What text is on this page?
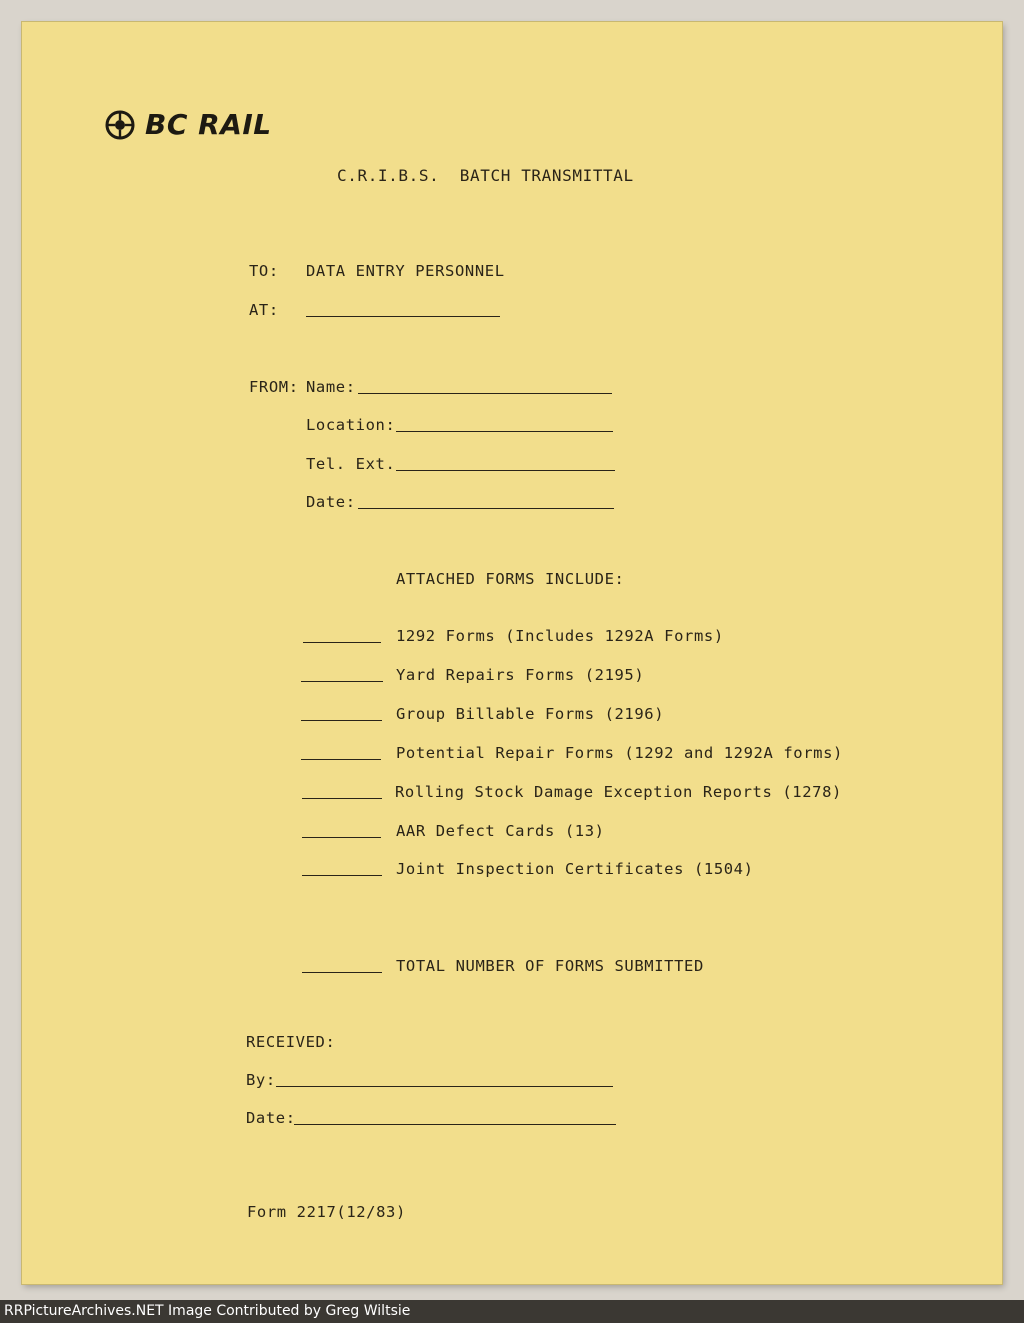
BC RAIL
C.R.I.B.S.  BATCH TRANSMITTAL
TO: DATA ENTRY PERSONNEL
AT:
FROM: Name:
Location:
Tel. Ext.
Date:
ATTACHED FORMS INCLUDE:
1292 Forms (Includes 1292A Forms)
Yard Repairs Forms (2195)
Group Billable Forms (2196)
Potential Repair Forms (1292 and 1292A forms)
Rolling Stock Damage Exception Reports (1278)
AAR Defect Cards (13)
Joint Inspection Certificates (1504)
TOTAL NUMBER OF FORMS SUBMITTED
RECEIVED:
By:
Date:
Form 2217(12/83)
RRPictureArchives.NET Image Contributed by Greg Wiltsie
